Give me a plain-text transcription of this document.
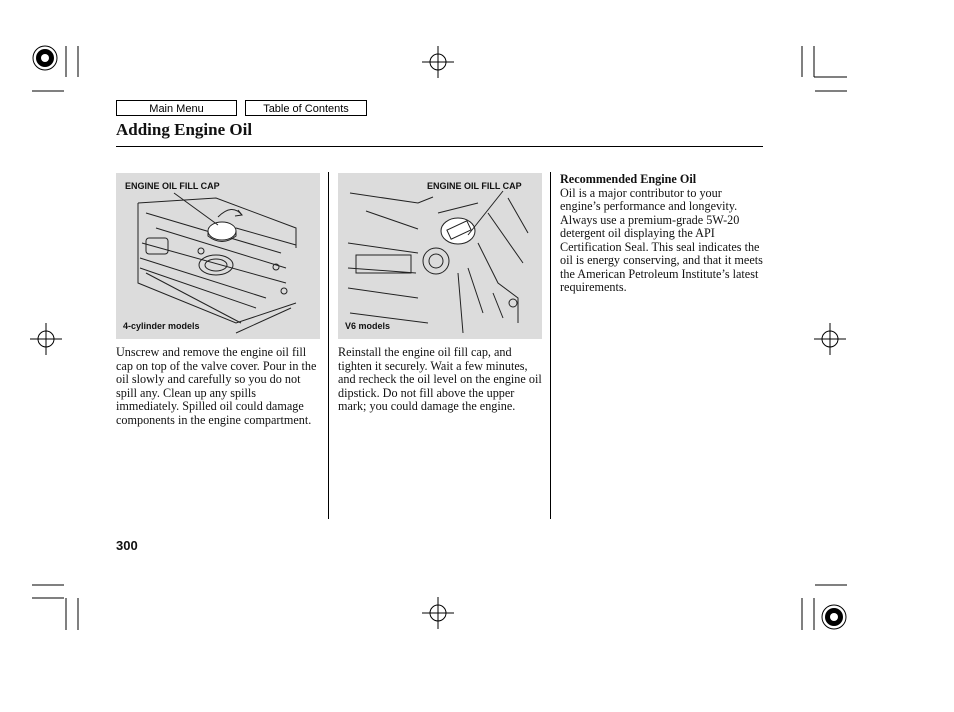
Main Menu	Table of Contents
Adding Engine Oil
ENGINE OIL FILL CAP
4-cylinder models
ENGINE OIL FILL CAP
V6 models
Unscrew and remove the engine oil fill cap on top of the valve cover. Pour in the oil slowly and carefully so you do not spill any. Clean up any spills immediately. Spilled oil could damage components in the engine compartment.
Reinstall the engine oil fill cap, and tighten it securely. Wait a few minutes, and recheck the oil level on the engine oil dipstick. Do not fill above the upper mark; you could damage the engine.
Recommended Engine Oil
Oil is a major contributor to your engine’s performance and longevity. Always use a premium-grade 5W-20 detergent oil displaying the API Certification Seal. This seal indicates the oil is energy conserving, and that it meets the American Petroleum Institute’s latest requirements.
300
